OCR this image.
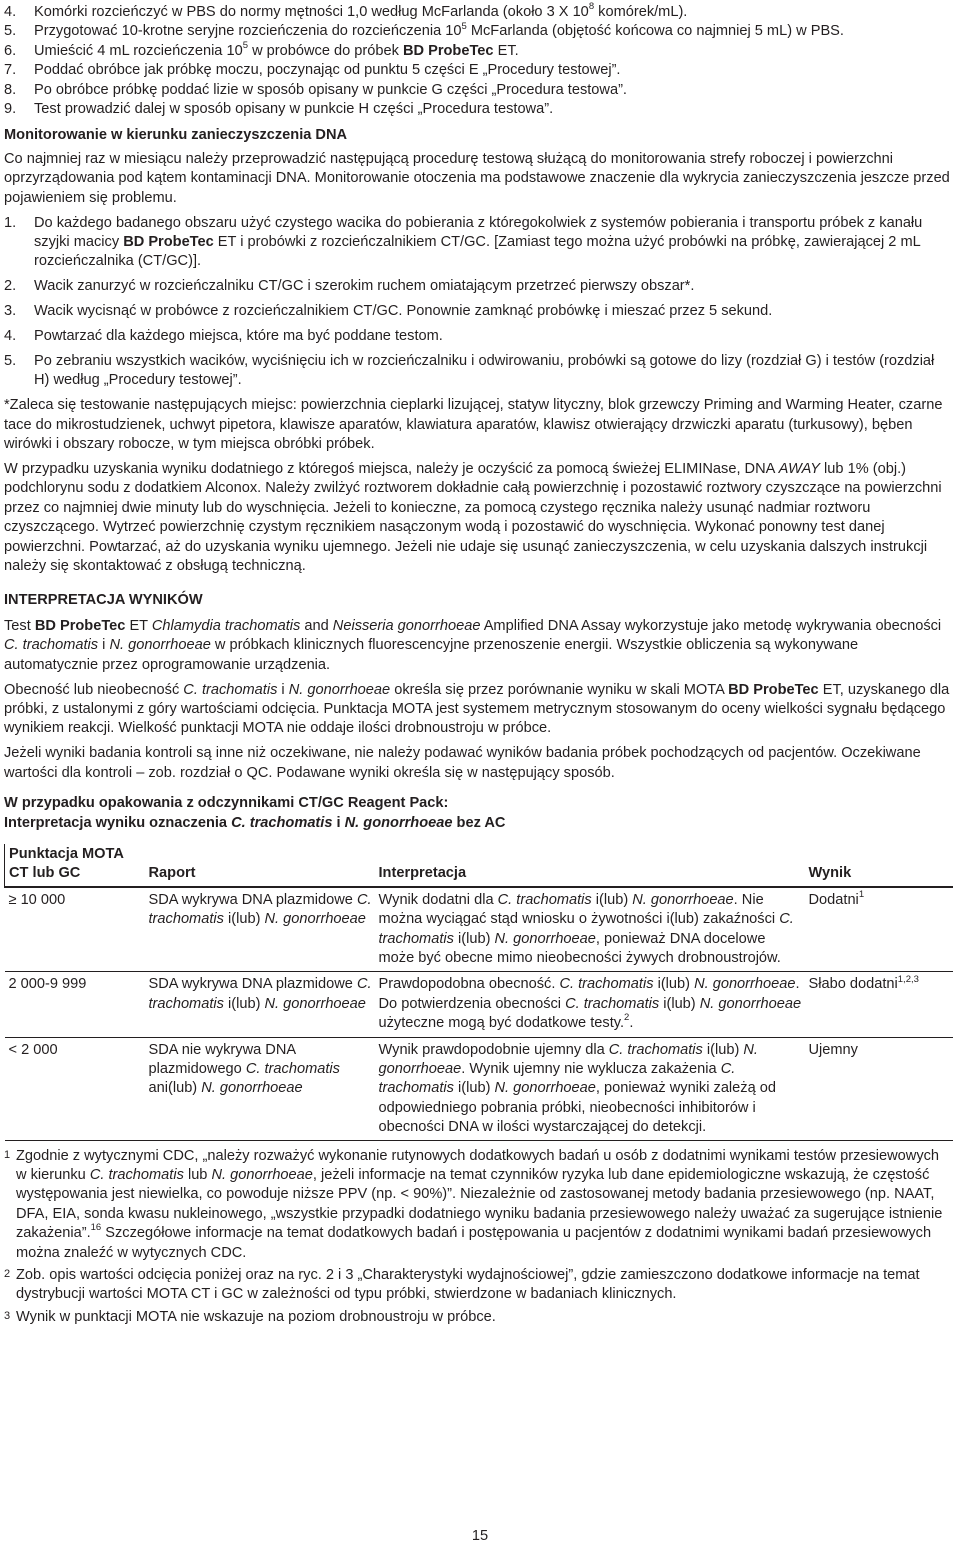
4.	Komórki rozcieńczyć w PBS do normy mętności 1,0 według McFarlanda (około 3 X $10^8$ komórek/mL).
5.	Przygotować 10-krotne seryjne rozcieńczenia do rozcieńczenia $10^5$ McFarlanda (objętość końcowa co najmniej 5 mL) w PBS.
6.	Umieścić 4 mL rozcieńczenia $10^5$ w probówce do próbek BD ProbeTec ET.
7.	Poddać obróbce jak próbkę moczu, poczynając od punktu 5 części E „Procedury testowej”.
8.	Po obróbce próbkę poddać lizie w sposób opisany w punkcie G części „Procedura testowa”.
9.	Test prowadzić dalej w sposób opisany w punkcie H części „Procedura testowa”.
Monitorowanie w kierunku zanieczyszczenia DNA

Co najmniej raz w miesiącu należy przeprowadzić następującą procedurę testową służącą do monitorowania strefy roboczej i powierzchni oprzyrządowania pod kątem kontaminacji DNA. Monitorowanie otoczenia ma podstawowe znaczenie dla wykrycia zanieczyszczenia jeszcze przed pojawieniem się problemu.

1.	Do każdego badanego obszaru użyć czystego wacika do pobierania z któregokolwiek z systemów pobierania i transportu próbek z kanału szyjki macicy BD ProbeTec ET i probówki z rozcieńczalnikiem CT/GC. [Zamiast tego można użyć probówki na próbkę, zawierającej 2 mL rozcieńczalnika (CT/GC)].
2.	Wacik zanurzyć w rozcieńczalniku CT/GC i szerokim ruchem omiatającym przetrzeć pierwszy obszar*.
3.	Wacik wycisnąć w probówce z rozcieńczalnikiem CT/GC. Ponownie zamknąć probówkę i mieszać przez 5 sekund.
4.	Powtarzać dla każdego miejsca, które ma być poddane testom.
5.	Po zebraniu wszystkich wacików, wyciśnięciu ich w rozcieńczalniku i odwirowaniu, probówki są gotowe do lizy (rozdział G) i testów (rozdział H) według „Procedury testowej”.

*Zaleca się testowanie następujących miejsc: powierzchnia cieplarki lizującej, statyw lityczny, blok grzewczy Priming and Warming Heater, czarne tace do mikrostudzienek, uchwyt pipetora, klawisze aparatów, klawiatura aparatów, klawisz otwierający drzwiczki aparatu (turkusowy), bęben wirówki i obszary robocze, w tym miejsca obróbki próbek.

W przypadku uzyskania wyniku dodatniego z któregoś miejsca, należy je oczyścić za pomocą świeżej ELIMINase, DNA AWAY lub 1% (obj.) podchlorynu sodu z dodatkiem Alconox. Należy zwilżyć roztworem dokładnie całą powierzchnię i pozostawić roztwory czyszczące na powierzchni przez co najmniej dwie minuty lub do wyschnięcia. Jeżeli to konieczne, za pomocą czystego ręcznika należy usunąć nadmiar roztworu czyszczącego. Wytrzeć powierzchnię czystym ręcznikiem nasączonym wodą i pozostawić do wyschnięcia. Wykonać ponowny test danej powierzchni. Powtarzać, aż do uzyskania wyniku ujemnego. Jeżeli nie udaje się usunąć zanieczyszczenia, w celu uzyskania dalszych instrukcji należy się skontaktować z obsługą techniczną.

INTERPRETACJA WYNIKÓW

Test BD ProbeTec ET Chlamydia trachomatis and Neisseria gonorrhoeae Amplified DNA Assay wykorzystuje jako metodę wykrywania obecności C. trachomatis i N. gonorrhoeae w próbkach klinicznych fluorescencyjne przenoszenie energii. Wszystkie obliczenia są wykonywane automatycznie przez oprogramowanie urządzenia.

Obecność lub nieobecność C. trachomatis i N. gonorrhoeae określa się przez porównanie wyniku w skali MOTA BD ProbeTec ET, uzyskanego dla próbki, z ustalonymi z góry wartościami odcięcia. Punktacja MOTA jest systemem metrycznym stosowanym do oceny wielkości sygnału będącego wynikiem reakcji. Wielkość punktacji MOTA nie oddaje ilości drobnoustroju w próbce.

Jeżeli wyniki badania kontroli są inne niż oczekiwane, nie należy podawać wyników badania próbek pochodzących od pacjentów. Oczekiwane wartości dla kontroli – zob. rozdział o QC. Podawane wyniki określa się w następujący sposób.

W przypadku opakowania z odczynnikami CT/GC Reagent Pack:
Interpretacja wyniku oznaczenia C. trachomatis i N. gonorrhoeae bez AC
Punktacja MOTA CT lub GC	Raport	Interpretacja	Wynik
≥ 10 000	SDA wykrywa DNA plazmidowe C. trachomatis i(lub) N. gonorrhoeae	Wynik dodatni dla C. trachomatis i(lub) N. gonorrhoeae. Nie można wyciągać stąd wniosku o żywotności i(lub) zakaźności C. trachomatis i(lub) N. gonorrhoeae, ponieważ DNA docelowe może być obecne mimo nieobecności żywych drobnoustrojów.	Dodatni$^1$
2 000-9 999	SDA wykrywa DNA plazmidowe C. trachomatis i(lub) N. gonorrhoeae	Prawdopodobna obecność. C. trachomatis i(lub) N. gonorrhoeae. Do potwierdzenia obecności C. trachomatis i(lub) N. gonorrhoeae użyteczne mogą być dodatkowe testy.$^2$.	Słabo dodatni$^{1,2,3}$
< 2 000	SDA nie wykrywa DNA plazmidowego C. trachomatis ani(lub) N. gonorrhoeae	Wynik prawdopodobnie ujemny dla C. trachomatis i(lub) N. gonorrhoeae. Wynik ujemny nie wyklucza zakażenia C. trachomatis i(lub) N. gonorrhoeae, ponieważ wyniki zależą od odpowiedniego pobrania próbki, nieobecności inhibitorów i obecności DNA w ilości wystarczającej do detekcji.	Ujemny
1 Zgodnie z wytycznymi CDC, „należy rozważyć wykonanie rutynowych dodatkowych badań u osób z dodatnimi wynikami testów przesiewowych w kierunku C. trachomatis lub N. gonorrhoeae, jeżeli informacje na temat czynników ryzyka lub dane epidemiologiczne wskazują, że częstość występowania jest niewielka, co powoduje niższe PPV (np. < 90%)”. Niezależnie od zastosowanej metody badania przesiewowego (np. NAAT, DFA, EIA, sonda kwasu nukleinowego, „wszystkie przypadki dodatniego wyniku badania przesiewowego należy uważać za sugerujące istnienie zakażenia”.$^{16}$ Szczegółowe informacje na temat dodatkowych badań i postępowania u pacjentów z dodatnimi wynikami badań przesiewowych można znaleźć w wytycznych CDC.
2 Zob. opis wartości odcięcia poniżej oraz na ryc. 2 i 3 „Charakterystyki wydajnościowej”, gdzie zamieszczono dodatkowe informacje na temat dystrybucji wartości MOTA CT i GC w zależności od typu próbki, stwierdzone w badaniach klinicznych.
3 Wynik w punktacji MOTA nie wskazuje na poziom drobnoustroju w próbce.
15
